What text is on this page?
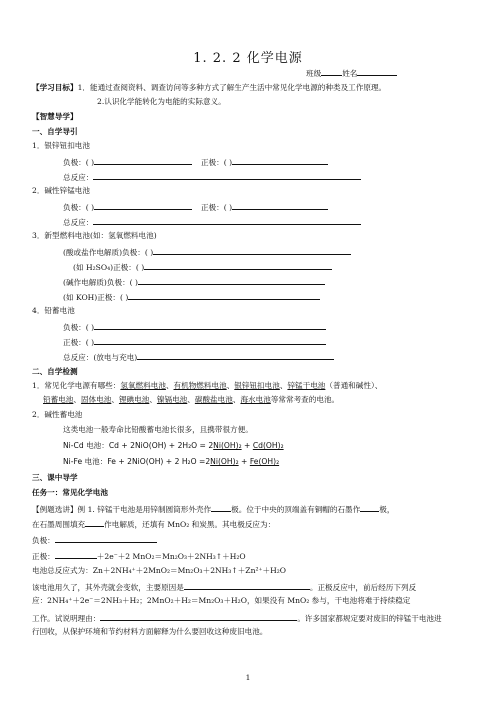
1. 2. 2 化学电源
班级	姓名
【学习目标】1．能通过查阅资料、调查访问等多种方式了解生产生活中常见化学电源的种类及工作原理。
2.认识化学能转化为电能的实际意义。
【智慧导学】
一、自学导引
1．银锌钮扣电池
负极：( )	正极：( )
总反应：
2．碱性锌锰电池
负极：( )	正极：( )
总反应：
3．新型燃料电池(如：氢氧燃料电池)
(酸或盐作电解质)负极：( )
(如 H₂SO₄)正极：( )
(碱作电解质)负极：( )
(如 KOH)正极：( )
4．铅蓄电池
负极：( )
正极：( )
总反应：(放电与充电)
二、自学检测
1．常见化学电源有哪些：氢氧燃料电池、有机物燃料电池、银锌钮扣电池、锌锰干电池（普通和碱性）、
铅蓄电池、固体电池、锂碘电池、镍镉电池、碳酸盐电池、海水电池等常常考查的电池。
2．碱性蓄电池
这类电池一般寿命比铅酸蓄电池长很多，且携带很方便。
Ni-Cd 电池：Cd + 2NiO(OH) + 2H₂O = 2Ni(OH)₂ + Cd(OH)₂
Ni-Fe 电池：Fe + 2NiO(OH) + 2 H₂O =2Ni(OH)₂ + Fe(OH)₂
三、课中导学
任务一：常见化学电池
【例题选讲】例 1. 锌锰干电池是用锌制圆筒形外壳作	极。位于中央的顶端盖有铜帽的石墨作	极，
在石墨周围填充	作电解质，还填有 MnO₂ 和炭黑。其电极反应为：
负极：
正极：	＋2e⁻＋2 MnO₂＝Mn₂O₃＋2NH₃↑＋H₂O
电池总反应式为：Zn＋2NH₄⁺＋2MnO₂＝Mn₂O₃＋2NH₃↑＋Zn²⁺＋H₂O
该电池用久了，其外壳就会变软，主要原因是	。正极反应中，前后经历下列反
应：2NH₄⁺＋2e⁻＝2NH₃＋H₂；2MnO₂＋H₂＝Mn₂O₃＋H₂O，如果没有 MnO₂ 参与，干电池将难于持续稳定
工作。试说明理由：	。许多国家都规定要对废旧的锌锰干电池进
行回收，从保护环境和节约材料方面解释为什么要回收这种废旧电池。
1
